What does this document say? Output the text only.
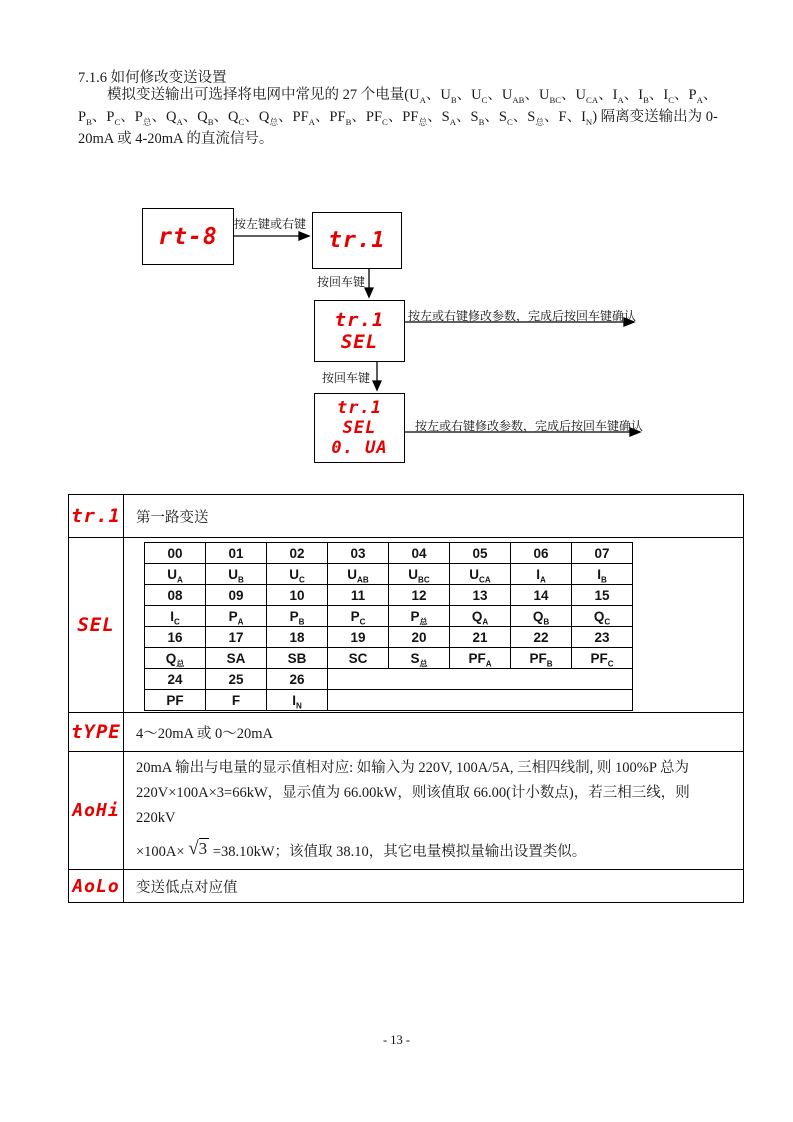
7.1.6 如何修改变送设置

模拟变送输出可选择将电网中常见的 27 个电量($U_A$、$U_B$、$U_C$、$U_{AB}$、$U_{BC}$、$U_{CA}$、$I_A$、$I_B$、$I_C$、$P_A$、$P_B$、$P_C$、$P_总$、$Q_A$、$Q_B$、$Q_C$、$Q_总$、$PF_A$、$PF_B$、$PF_C$、$PF_总$、$S_A$、$S_B$、$S_C$、$S_总$、F、$I_N$) 隔离变送输出为 0-20mA 或 4-20mA 的直流信号。

rt-8	tr.1
tr.1
SEL
tr.1
SEL
0. UA
按左键或右键
按回车键
按左或右键修改参数，完成后按回车键确认
按回车键
按左或右键修改参数，完成后按回车键确认
tr.1	第一路变送
SEL	
00	01	02	03	04	05	06	07
$U_A$	$U_B$	$U_C$	$U_{AB}$	$U_{BC}$	$U_{CA}$	$I_A$	$I_B$
08	09	10	11	12	13	14	15
$I_C$	$P_A$	$P_B$	$P_C$	$P_总$	$Q_A$	$Q_B$	$Q_C$
16	17	18	19	20	21	22	23
$Q_总$	SA	SB	SC	$S_总$	$PF_A$	$PF_B$	$PF_C$
24	25	26	
PF	F	$I_N$	

tYPE	4～20mA 或 0～20mA
AoHi	

20mA 输出与电量的显示值相对应: 如输入为 220V, 100A/5A, 三相四线制, 则 100%P 总为 220V×100A×3=66kW，显示值为 66.00kW，则该值取 66.00(计小数点)，若三相三线，则 220kV

×100A× √3 =38.10kW；该值取 38.10，其它电量模拟量输出设置类似。

AoLo	变送低点对应值
- 13 -
